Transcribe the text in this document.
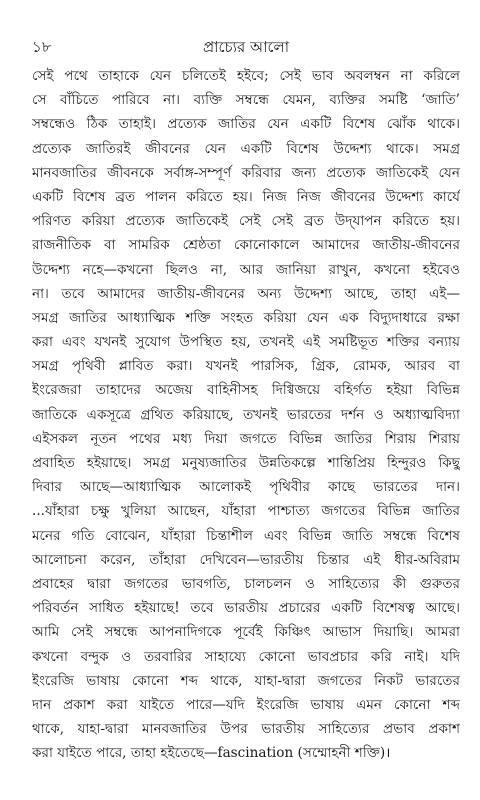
১৮	প্রাচ্যের আলো
সেই পথে তাহাকে যেন চলিতেই হইবে; সেই ভাব অবলম্বন না করিলে
সে বাঁচিতে পারিবে না। ব্যক্তি সম্বন্ধে যেমন, ব্যক্তির সমষ্টি ‘জাতি’
সম্বন্ধেও ঠিক তাহাই। প্রত্যেক জাতির যেন একটি বিশেষ ঝোঁক থাকে।
প্রত্যেক জাতিরই জীবনের যেন একটি বিশেষ উদ্দেশ্য থাকে। সমগ্র
মানবজাতির জীবনকে সর্বাঙ্গ-সম্পূর্ণ করিবার জন্য প্রত্যেক জাতিকেই যেন
একটি বিশেষ ব্রত পালন করিতে হয়। নিজ নিজ জীবনের উদ্দেশ্য কার্যে
পরিণত করিয়া প্রত্যেক জাতিকেই সেই সেই ব্রত উদ্‌যাপন করিতে হয়।
রাজনীতিক বা সামরিক শ্রেষ্ঠতা কোনোকালে আমাদের জাতীয়-জীবনের
উদ্দেশ্য নহে—কখনো ছিলও না, আর জানিয়া রাখুন, কখনো হইবেও
না। তবে আমাদের জাতীয়-জীবনের অন্য উদ্দেশ্য আছে, তাহা এই—
সমগ্র জাতির আধ্যাত্মিক শক্তি সংহত করিয়া যেন এক বিদ্যুদাধারে রক্ষা
করা এবং যখনই সুযোগ উপস্থিত হয়, তখনই এই সমষ্টিভূত শক্তির বন্যায়
সমগ্র পৃথিবী প্লাবিত করা। যখনই পারসিক, গ্রিক, রোমক, আরব বা
ইংরেজরা তাহাদের অজেয় বাহিনীসহ দিগ্বিজয়ে বহির্গত হইয়া বিভিন্ন
জাতিকে একসূত্রে গ্রথিত করিয়াছে, তখনই ভারতের দর্শন ও অধ্যাত্মবিদ্যা
এইসকল নূতন পথের মধ্য দিয়া জগতে বিভিন্ন জাতির শিরায় শিরায়
প্রবাহিত হইয়াছে। সমগ্র মনুষ্যজাতির উন্নতিকল্পে শান্তিপ্রিয় হিন্দুরও কিছু
দিবার আছে—আধ্যাত্মিক আলোকই পৃথিবীর কাছে ভারতের দান।
...যাঁহারা চক্ষু খুলিয়া আছেন, যাঁহারা পাশ্চাত্য জগতের বিভিন্ন জাতির
মনের গতি বোঝেন, যাঁহারা চিন্তাশীল এবং বিভিন্ন জাতি সম্বন্ধে বিশেষ
আলোচনা করেন, তাঁহারা দেখিবেন—ভারতীয় চিন্তার এই ধীর-অবিরাম
প্রবাহের দ্বারা জগতের ভাবগতি, চালচলন ও সাহিত্যের কী গুরুতর
পরিবর্তন সাধিত হইয়াছে! তবে ভারতীয় প্রচারের একটি বিশেষত্ব আছে।
আমি সেই সম্বন্ধে আপনাদিগকে পূর্বেই কিঞ্চিৎ আভাস দিয়াছি। আমরা
কখনো বন্দুক ও তরবারির সাহায্যে কোনো ভাবপ্রচার করি নাই। যদি
ইংরেজি ভাষায় কোনো শব্দ থাকে, যাহা-দ্বারা জগতের নিকট ভারতের
দান প্রকাশ করা যাইতে পারে—যদি ইংরেজি ভাষায় এমন কোনো শব্দ
থাকে, যাহা-দ্বারা মানবজাতির উপর ভারতীয় সাহিত্যের প্রভাব প্রকাশ
করা যাইতে পারে, তাহা হইতেছে—fascination (সম্মোহনী শক্তি)।
